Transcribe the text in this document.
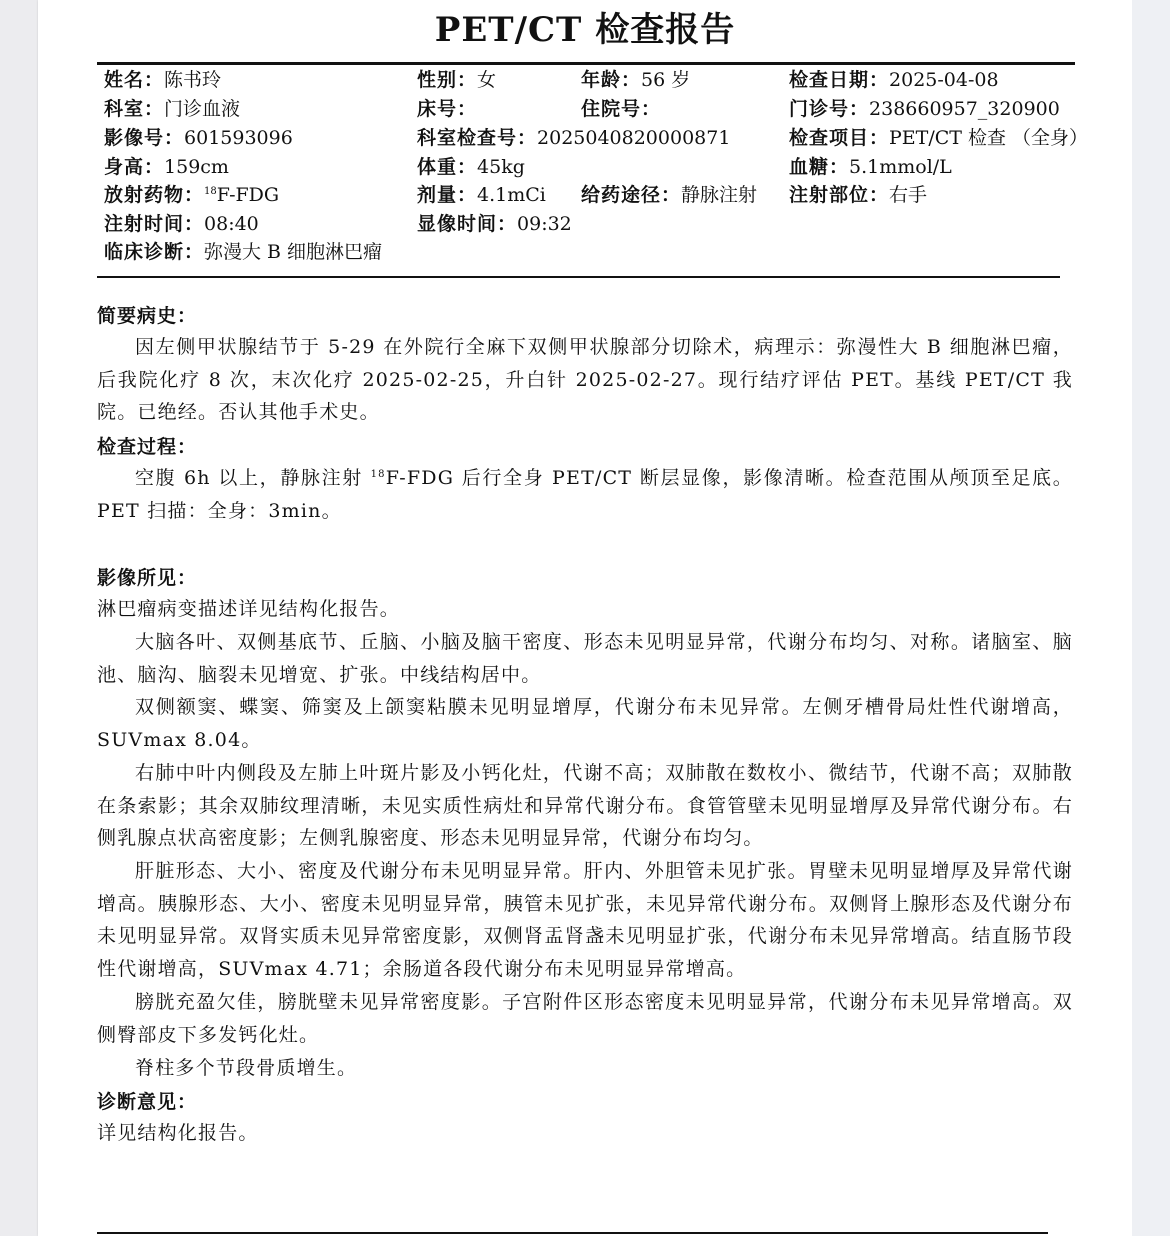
PET/CT 检查报告
姓名：陈书玲	性别：女	年龄：56 岁	检查日期：2025-04-08
科室：门诊血液	床号：	住院号：	门诊号：238660957_320900
影像号：601593096	科室检查号：2025040820000871	检查项目：PET/CT 检查 （全身）
身高：159cm	体重：45kg	血糖：5.1mmol/L
放射药物：$^{18}$F-FDG	剂量：4.1mCi 给药途径：静脉注射 注射部位：右手
注射时间：08:40	显像时间：09:32
临床诊断：弥漫大 B 细胞淋巴瘤
简要病史：
因左侧甲状腺结节于 5-29 在外院行全麻下双侧甲状腺部分切除术，病理示：弥漫性大 B 细胞淋巴瘤，后我院化疗 8 次，末次化疗 2025-02-25，升白针 2025-02-27。现行结疗评估 PET。基线 PET/CT 我院。已绝经。否认其他手术史。
检查过程：
空腹 6h 以上，静脉注射 $^{18}$F-FDG 后行全身 PET/CT 断层显像，影像清晰。检查范围从颅顶至足底。PET 扫描：全身：3min。
影像所见：
淋巴瘤病变描述详见结构化报告。
大脑各叶、双侧基底节、丘脑、小脑及脑干密度、形态未见明显异常，代谢分布均匀、对称。诸脑室、脑池、脑沟、脑裂未见增宽、扩张。中线结构居中。
双侧额窦、蝶窦、筛窦及上颌窦粘膜未见明显增厚，代谢分布未见异常。左侧牙槽骨局灶性代谢增高，SUVmax 8.04。
右肺中叶内侧段及左肺上叶斑片影及小钙化灶，代谢不高；双肺散在数枚小、微结节，代谢不高；双肺散在条索影；其余双肺纹理清晰，未见实质性病灶和异常代谢分布。食管管壁未见明显增厚及异常代谢分布。右侧乳腺点状高密度影；左侧乳腺密度、形态未见明显异常，代谢分布均匀。
肝脏形态、大小、密度及代谢分布未见明显异常。肝内、外胆管未见扩张。胃壁未见明显增厚及异常代谢增高。胰腺形态、大小、密度未见明显异常，胰管未见扩张，未见异常代谢分布。双侧肾上腺形态及代谢分布未见明显异常。双肾实质未见异常密度影，双侧肾盂肾盏未见明显扩张，代谢分布未见异常增高。结直肠节段性代谢增高，SUVmax 4.71；余肠道各段代谢分布未见明显异常增高。
膀胱充盈欠佳，膀胱壁未见异常密度影。子宫附件区形态密度未见明显异常，代谢分布未见异常增高。双侧臀部皮下多发钙化灶。
脊柱多个节段骨质增生。
诊断意见：
详见结构化报告。
